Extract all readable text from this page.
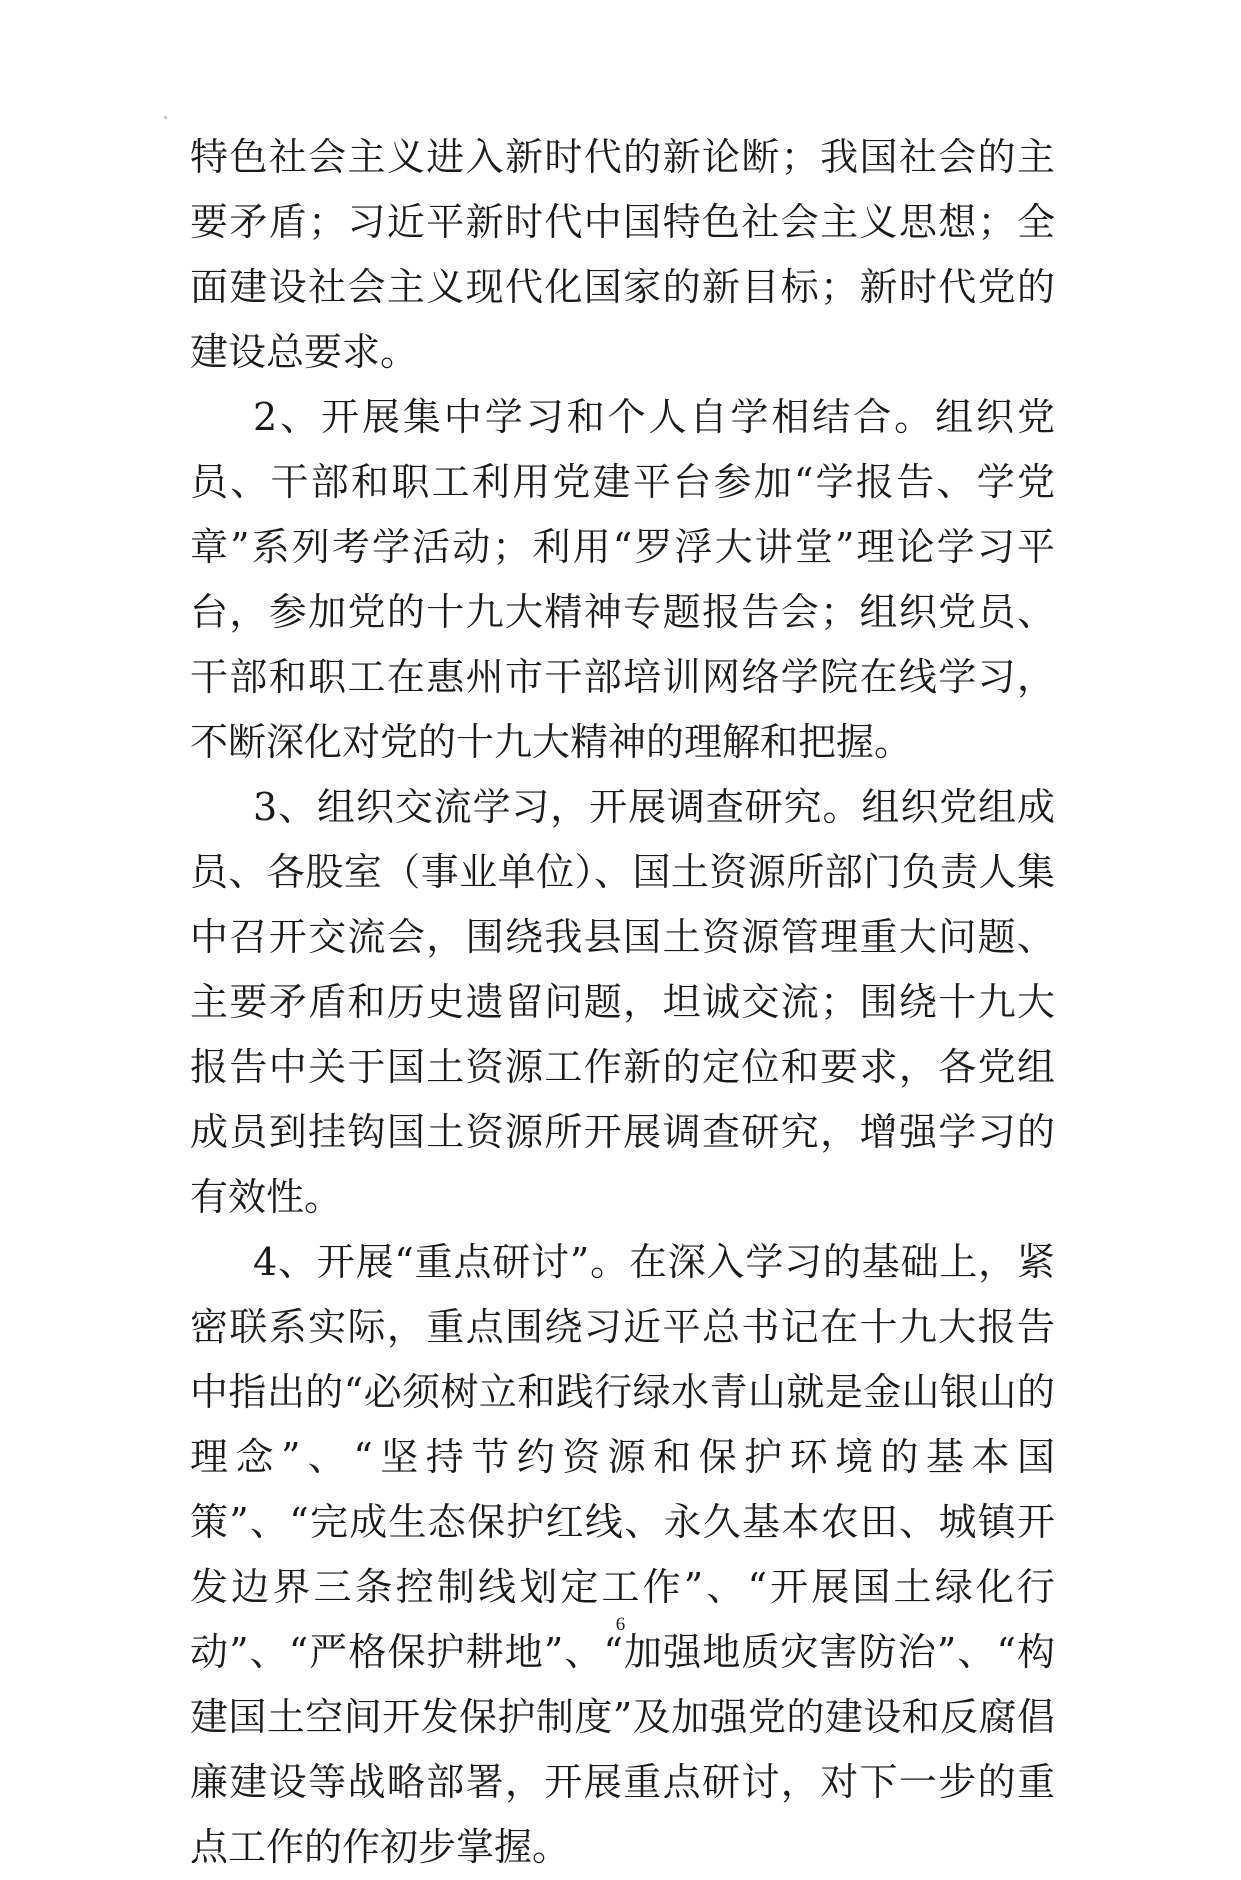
特色社会主义进入新时代的新论断；我国社会的主要矛盾；习近平新时代中国特色社会主义思想；全面建设社会主义现代化国家的新目标；新时代党的建设总要求。

2、开展集中学习和个人自学相结合。组织党员、干部和职工利用党建平台参加“学报告、学党章”系列考学活动；利用“罗浮大讲堂”理论学习平台，参加党的十九大精神专题报告会；组织党员、干部和职工在惠州市干部培训网络学院在线学习，不断深化对党的十九大精神的理解和把握。

3、组织交流学习，开展调查研究。组织党组成员、各股室（事业单位）、国土资源所部门负责人集中召开交流会，围绕我县国土资源管理重大问题、主要矛盾和历史遗留问题，坦诚交流；围绕十九大报告中关于国土资源工作新的定位和要求，各党组成员到挂钩国土资源所开展调查研究，增强学习的有效性。

4、开展“重点研讨”。在深入学习的基础上，紧密联系实际，重点围绕习近平总书记在十九大报告中指出的“必须树立和践行绿水青山就是金山银山的理念”、“坚持节约资源和保护环境的基本国策”、“完成生态保护红线、永久基本农田、城镇开发边界三条控制线划定工作”、“开展国土绿化行动”、“严格保护耕地”、“加强地质灾害防治”、“构建国土空间开发保护制度”及加强党的建设和反腐倡廉建设等战略部署，开展重点研讨，对下一步的重点工作的作初步掌握。

6
